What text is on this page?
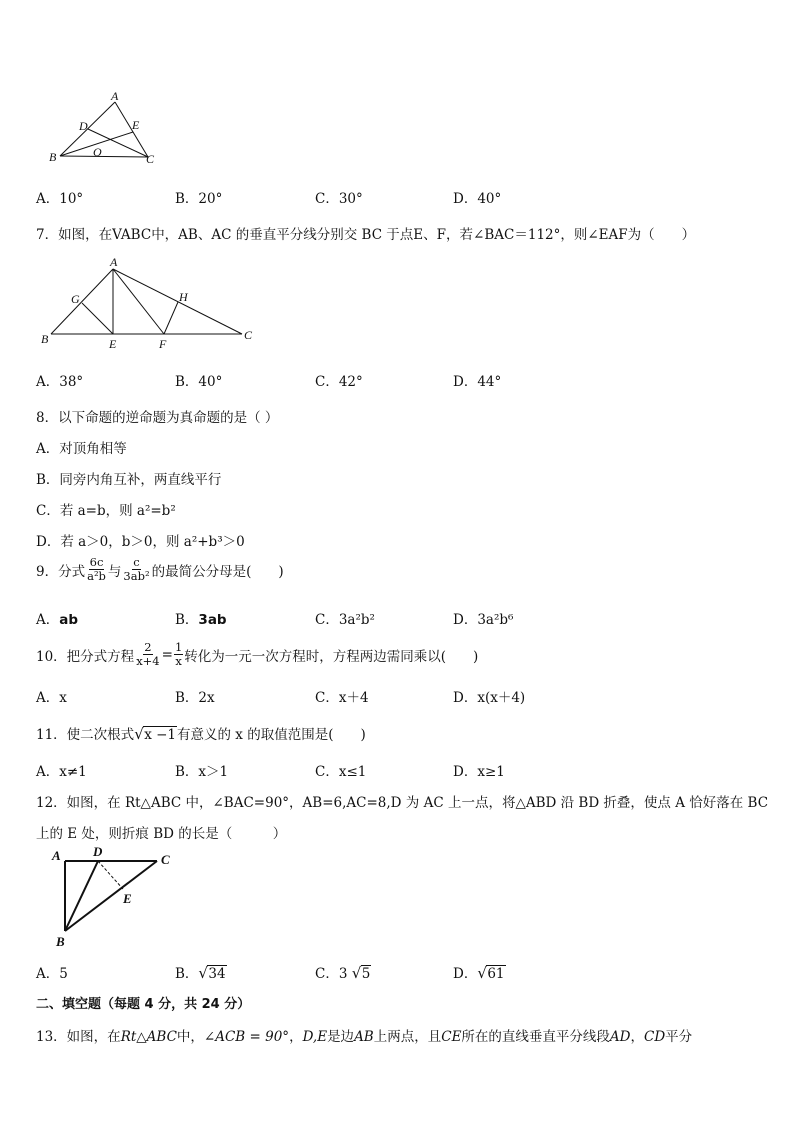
A
D	E
O
B	C
A．10°	B．20°	C．30°	D．40°
7．如图，在VABC中，AB、AC 的垂直平分线分别交 BC 于点E、F，若∠BAC＝112°，则∠EAF为（　　）
A
G	H
B	E	F
C
A．38°	B．40°	C．42°	D．44°
8．以下命题的逆命题为真命题的是（ ）
A．对顶角相等
B．同旁内角互补，两直线平行
C．若 a=b，则 a²=b²
D．若 a＞0，b＞0，则 a²+b³＞0
9．分式 $\frac{6c}{\text{a²b}}$ 与 $\frac{c}{\text{3ab²}}$ 的最简公分母是(　　)
A．ab	B．3ab	C．3a²b²	D．3a²b⁶
10．把分式方程 $\frac{2}{x+4} = \frac{1}{x}$ 转化为一元一次方程时，方程两边需同乘以(　　)
A．x	B．2x	C．x＋4	D．x(x＋4)
11．使二次根式 √ x −1有意义的 x 的取值范围是(　　)
A．x≠1	B．x＞1	C．x≤1	D．x≥1
12．如图，在 Rt△ABC 中，∠BAC=90°，AB=6,AC=8,D 为 AC 上一点，将△ABD 沿 BD 折叠，使点 A 恰好落在 BC
上的 E 处，则折痕 BD 的长是（　　　）
A D
C
E
B
A．5	B． √ 34	C．3 √ 5	D． √ 61
二、填空题（每题 4 分，共 24 分）
13．如图，在Rt△ABC中，∠ACB = 90°，D,E是边AB上两点，且CE所在的直线垂直平分线段AD，CD平分
